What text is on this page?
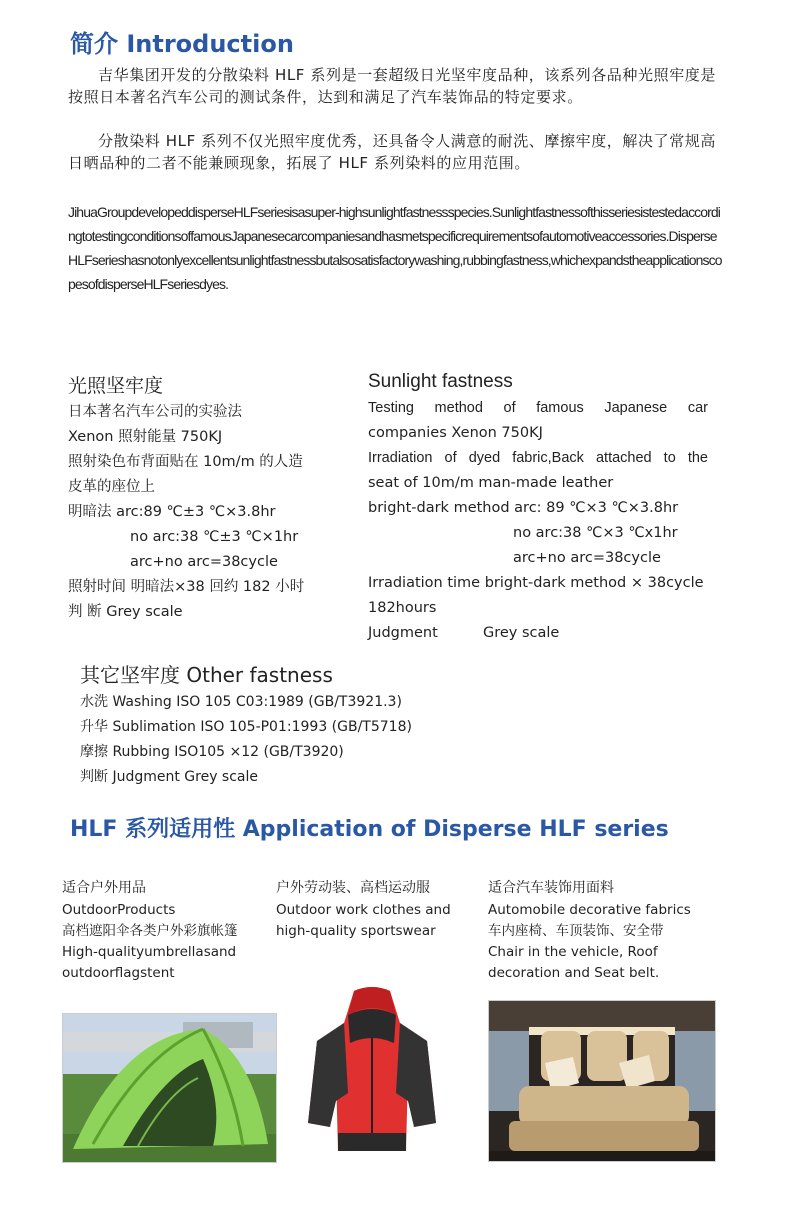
简介 Introduction
吉华集团开发的分散染料 HLF 系列是一套超级日光坚牢度品种，该系列各品种光照牢度是按照日本著名汽车公司的测试条件，达到和满足了汽车装饰品的特定要求。
分散染料 HLF 系列不仅光照牢度优秀，还具备令人满意的耐洗、摩擦牢度，解决了常规高日晒品种的二者不能兼顾现象，拓展了 HLF 系列染料的应用范围。
JihuaGroupdevelopeddisperseHLFseriesisasuper-highsunlightfastnessspecies.SunlightfastnessofthisseriesistestedaccordingtotestingconditionsoffamousJapanesecarcompaniesandhasmetspecificrequirementsofautomotiveaccessories.DisperseHLFserieshasnotonlyexcellentsunlightfastnessbutalsosatisfactorywashing,rubbingfastness,whichexpandstheapplicationscopesofdisperseHLFseriesdyes.
光照坚牢度
日本著名汽车公司的实验法
Xenon 照射能量 750KJ
照射染色布背面贴在 10m/m 的人造
皮革的座位上
明暗法 arc:89 ℃±3 ℃×3.8hr
no arc:38 ℃±3 ℃×1hr
arc+no arc=38cycle
照射时间 明暗法×38 回约 182 小时
判 断 Grey scale
Sunlight fastness
Testing method of famous Japanese car
companies Xenon 750KJ
Irradiation of dyed fabric,Back attached to the
seat of 10m/m man-made leather
bright-dark method arc: 89 ℃×3 ℃×3.8hr
no arc:38 ℃×3 ℃x1hr
arc+no arc=38cycle
Irradiation time bright-dark method × 38cycle
182hours
Judgment	Grey scale
其它坚牢度 Other fastness
水洗 Washing ISO 105 C03:1989 (GB/T3921.3)
升华 Sublimation ISO 105-P01:1993 (GB/T5718)
摩擦 Rubbing ISO105 ×12 (GB/T3920)
判断 Judgment Grey scale
HLF 系列适用性 Application of Disperse HLF series
适合户外用品
OutdoorProducts
高档遮阳伞各类户外彩旗帐篷
High-qualityumbrellasand
outdoorflagstent
户外劳动装、高档运动服
Outdoor work clothes and
high-quality sportswear
适合汽车装饰用面料
Automobile decorative fabrics
车内座椅、车顶装饰、安全带
Chair in the vehicle, Roof
decoration and Seat belt.
